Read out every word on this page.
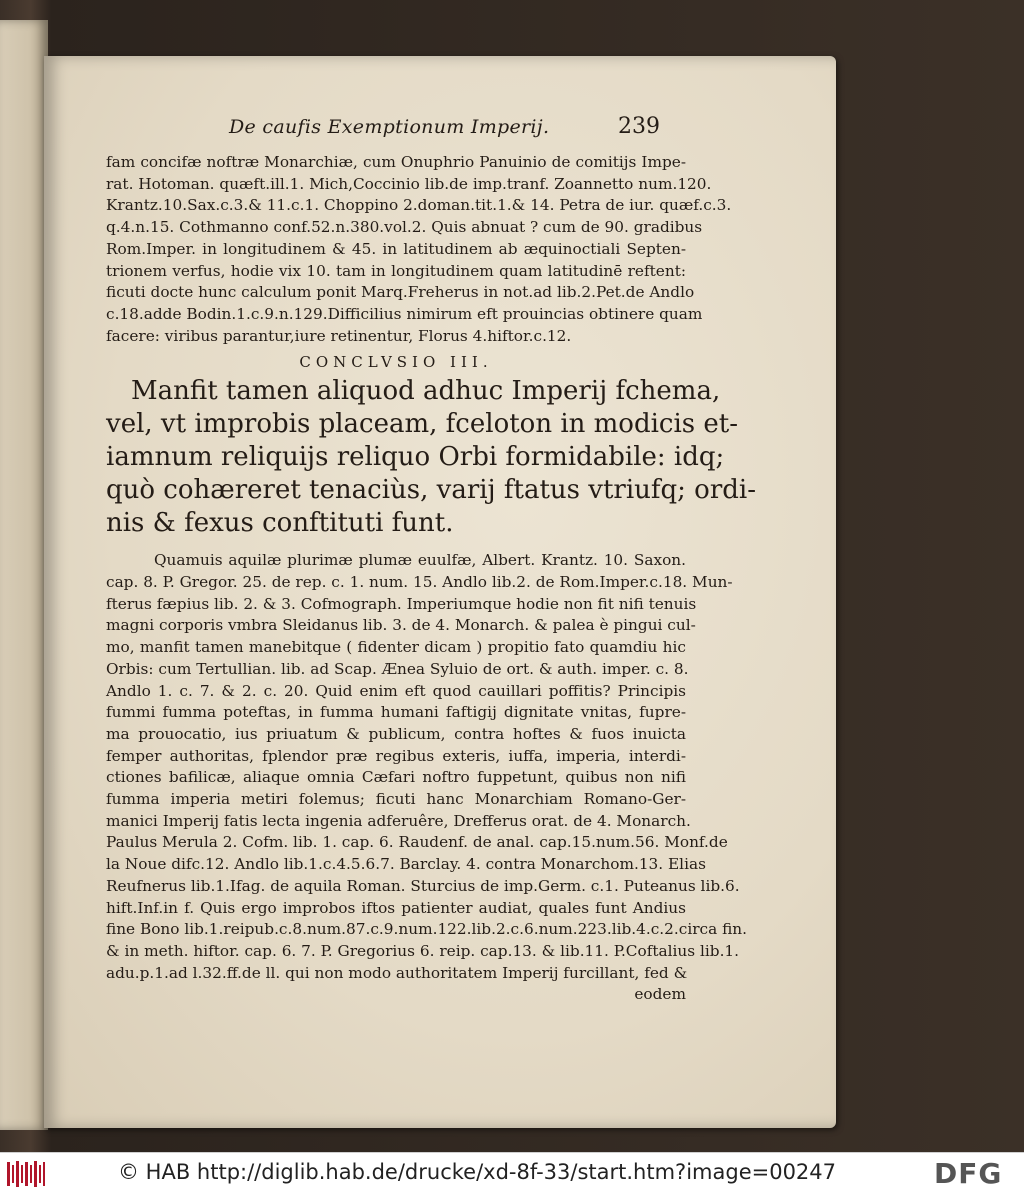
De caufis Exemptionum Imperij.	239
fam concifæ noftræ Monarchiæ, cum Onuphrio Panuinio de comitijs Impe-
rat. Hotoman. quæft.ill.1. Mich,Coccinio lib.de imp.tranf. Zoannetto num.120.
Krantz.10.Sax.c.3.& 11.c.1. Choppino 2.doman.tit.1.& 14. Petra de iur. quæf.c.3.
q.4.n.15. Cothmanno conf.52.n.380.vol.2. Quis abnuat ? cum de 90. gradibus
Rom.Imper. in longitudinem & 45. in latitudinem ab æquinoctiali Septen-
trionem verfus, hodie vix 10. tam in longitudinem quam latitudinē reftent:
ficuti docte hunc calculum ponit Marq.Freherus in not.ad lib.2.Pet.de Andlo
c.18.adde Bodin.1.c.9.n.129.Difficilius nimirum eft prouincias obtinere quam
facere: viribus parantur,iure retinentur, Florus 4.hiftor.c.12.
CONCLVSIO III.
Manfit tamen aliquod adhuc Imperij fchema,
vel, vt improbis placeam, fceloton in modicis et-
iamnum reliquijs reliquo Orbi formidabile: idq;
quò cohæreret tenaciùs, varij ftatus vtriufq; ordi-
nis & fexus conftituti funt.
Quamuis aquilæ plurimæ plumæ euulfæ, Albert. Krantz. 10. Saxon.
cap. 8. P. Gregor. 25. de rep. c. 1. num. 15. Andlo lib.2. de Rom.Imper.c.18. Mun-
fterus fæpius lib. 2. & 3. Cofmograph. Imperiumque hodie non fit nifi tenuis
magni corporis vmbra Sleidanus lib. 3. de 4. Monarch. & palea è pingui cul-
mo, manfit tamen manebitque ( fidenter dicam ) propitio fato quamdiu hic
Orbis: cum Tertullian. lib. ad Scap. Ænea Syluio de ort. & auth. imper. c. 8.
Andlo 1. c. 7. & 2. c. 20. Quid enim eft quod cauillari poffitis? Principis
fummi fumma poteftas, in fumma humani faftigij dignitate vnitas, fupre-
ma prouocatio, ius priuatum & publicum, contra hoftes & fuos inuicta
femper authoritas, fplendor præ regibus exteris, iuffa, imperia, interdi-
ctiones bafilicæ, aliaque omnia Cæfari noftro fuppetunt, quibus non nifi
fumma imperia metiri folemus; ficuti hanc Monarchiam Romano-Ger-
manici Imperij fatis lecta ingenia adferuêre, Drefferus orat. de 4. Monarch.
Paulus Merula 2. Cofm. lib. 1. cap. 6. Raudenf. de anal. cap.15.num.56. Monf.de
la Noue difc.12. Andlo lib.1.c.4.5.6.7. Barclay. 4. contra Monarchom.13. Elias
Reufnerus lib.1.Ifag. de aquila Roman. Sturcius de imp.Germ. c.1. Puteanus lib.6.
hift.Inf.in f. Quis ergo improbos iftos patienter audiat, quales funt Andius
fine Bono lib.1.reipub.c.8.num.87.c.9.num.122.lib.2.c.6.num.223.lib.4.c.2.circa fin.
& in meth. hiftor. cap. 6. 7. P. Gregorius 6. reip. cap.13. & lib.11. P.Coftalius lib.1.
adu.p.1.ad l.32.ff.de ll. qui non modo authoritatem Imperij furcillant, fed &
eodem
© HAB http://diglib.hab.de/drucke/xd-8f-33/start.htm?image=00247	DFG
